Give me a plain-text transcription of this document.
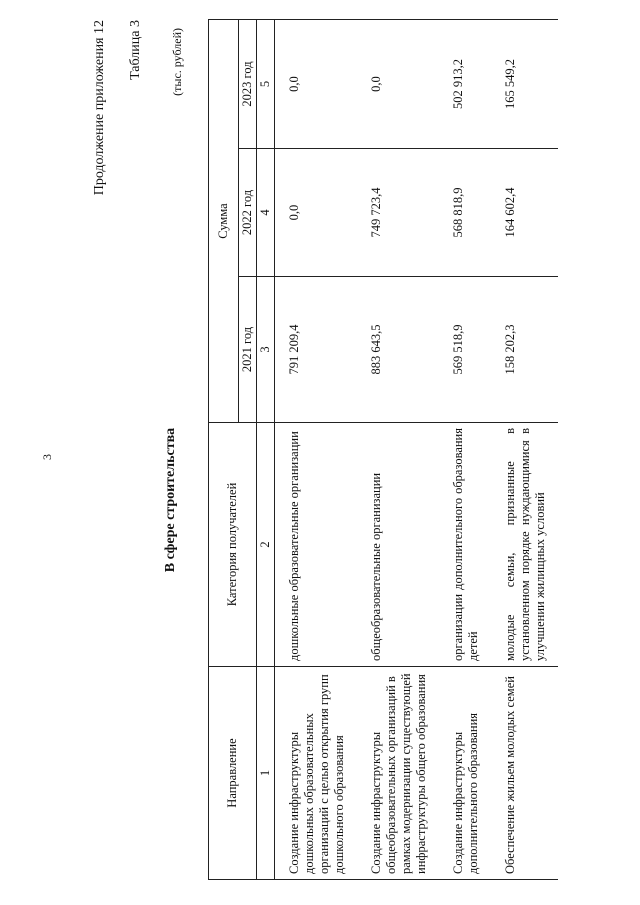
3
Продолжение приложения 12 Таблица 3 (тыс. рублей)
В сфере строительства
Направление	Категория получателей	Сумма		
		2021 год	2022 год	2023 год
1	2	3	4	5
Создание инфраструктуры дошкольных образовательных организаций с целью открытия групп дошкольного образования	дошкольные образовательные организации	791 209,4	0,0	0,0
Создание инфраструктуры общеобразовательных организаций в рамках модернизации существующей инфраструктуры общего образования	общеобразовательные организации	883 643,5	749 723,4	0,0
Создание инфраструктуры дополнительного образования	организации дополнительного образования детей	569 518,9	568 818,9	502 913,2
Обеспечение жильем молодых семей	молодые семьи, признанные в установленном порядке нуждающимися в улучшении жилищных условий	158 202,3	164 602,4	165 549,2
